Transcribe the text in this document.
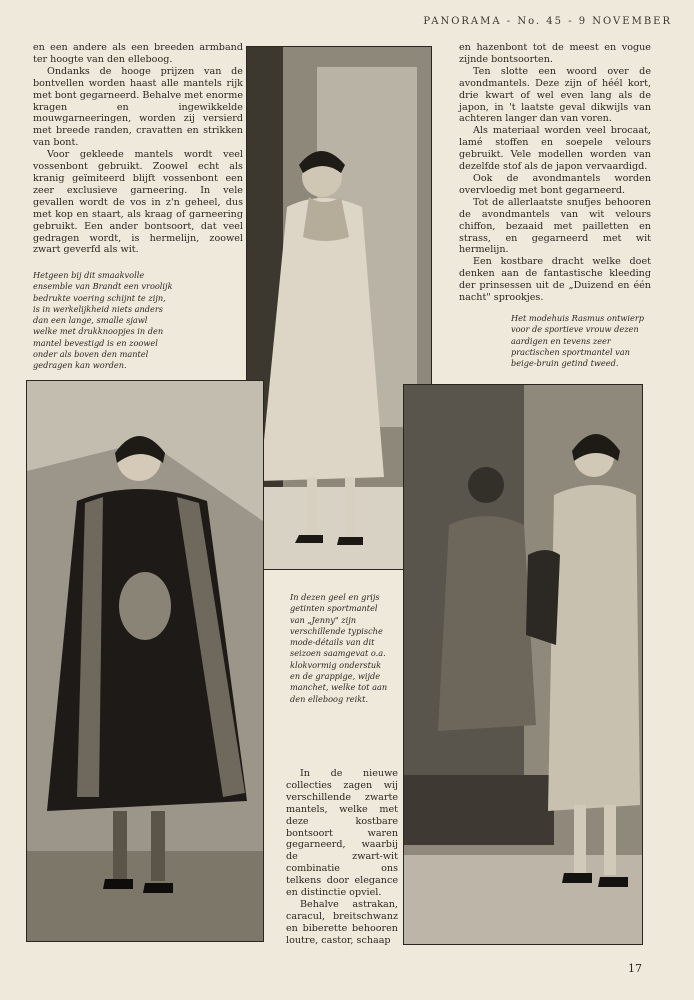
PANORAMA - No. 45 - 9 NOVEMBER

en een andere als een breeden armband ter hoogte van den elleboog.

Ondanks de hooge prijzen van de bontvellen worden haast alle mantels rijk met bont gegarneerd. Behalve met enorme kragen en ingewikkelde mouwgarneeringen, worden zij versierd met breede randen, cravatten en strikken van bont.

Voor gekleede mantels wordt veel vossenbont gebruikt. Zoowel echt als kranig geïmiteerd blijft vossenbont een zeer exclusieve garneering. In vele gevallen wordt de vos in z'n geheel, dus met kop en staart, als kraag of garneering gebruikt. Een ander bontsoort, dat veel gedragen wordt, is hermelijn, zoowel zwart geverfd als wit.

Hetgeen bij dit smaakvolle ensemble van Brandt een vroolijk bedrukte voering schijnt te zijn, is in werkelijkheid niets anders dan een lange, smalle sjawl welke met drukknoopjes in den mantel bevestigd is en zoowel onder als boven den mantel gedragen kan worden.

en hazenbont tot de meest en vogue zijnde bontsoorten.

Ten slotte een woord over de avondmantels. Deze zijn of héél kort, drie kwart of wel even lang als de japon, in 't laatste geval dikwijls van achteren langer dan van voren.

Als materiaal worden veel brocaat, lamé stoffen en soepele velours gebruikt. Vele modellen worden van dezelfde stof als de japon vervaardigd.

Ook de avondmantels worden overvloedig met bont gegarneerd.

Tot de allerlaatste snufjes behooren de avondmantels van wit velours chiffon, bezaaid met pailletten en strass, en gegarneerd met wit hermelijn.

Een kostbare dracht welke doet denken aan de fantastische kleeding der prinsessen uit de „Duizend en één nacht" sprookjes.

Het modehuis Rasmus ontwierp voor de sportieve vrouw dezen aardigen en tevens zeer practischen sportmantel van beige-bruin getind tweed.
In dezen geel en grijs getinten sportmantel van „Jenny" zijn verschillende typische mode-détails van dit seizoen saamgevat o.a. klokvormig onderstuk en de grappige, wijde manchet, welke tot aan den elleboog reikt.

In de nieuwe collecties zagen wij verschillende zwarte mantels, welke met deze kostbare bontsoort waren gegarneerd, waarbij de zwart-wit combinatie ons telkens door elegance en distinctie opviel.

Behalve astrakan, caracul, breitschwanz en biberette behooren loutre, castor, schaap

17
